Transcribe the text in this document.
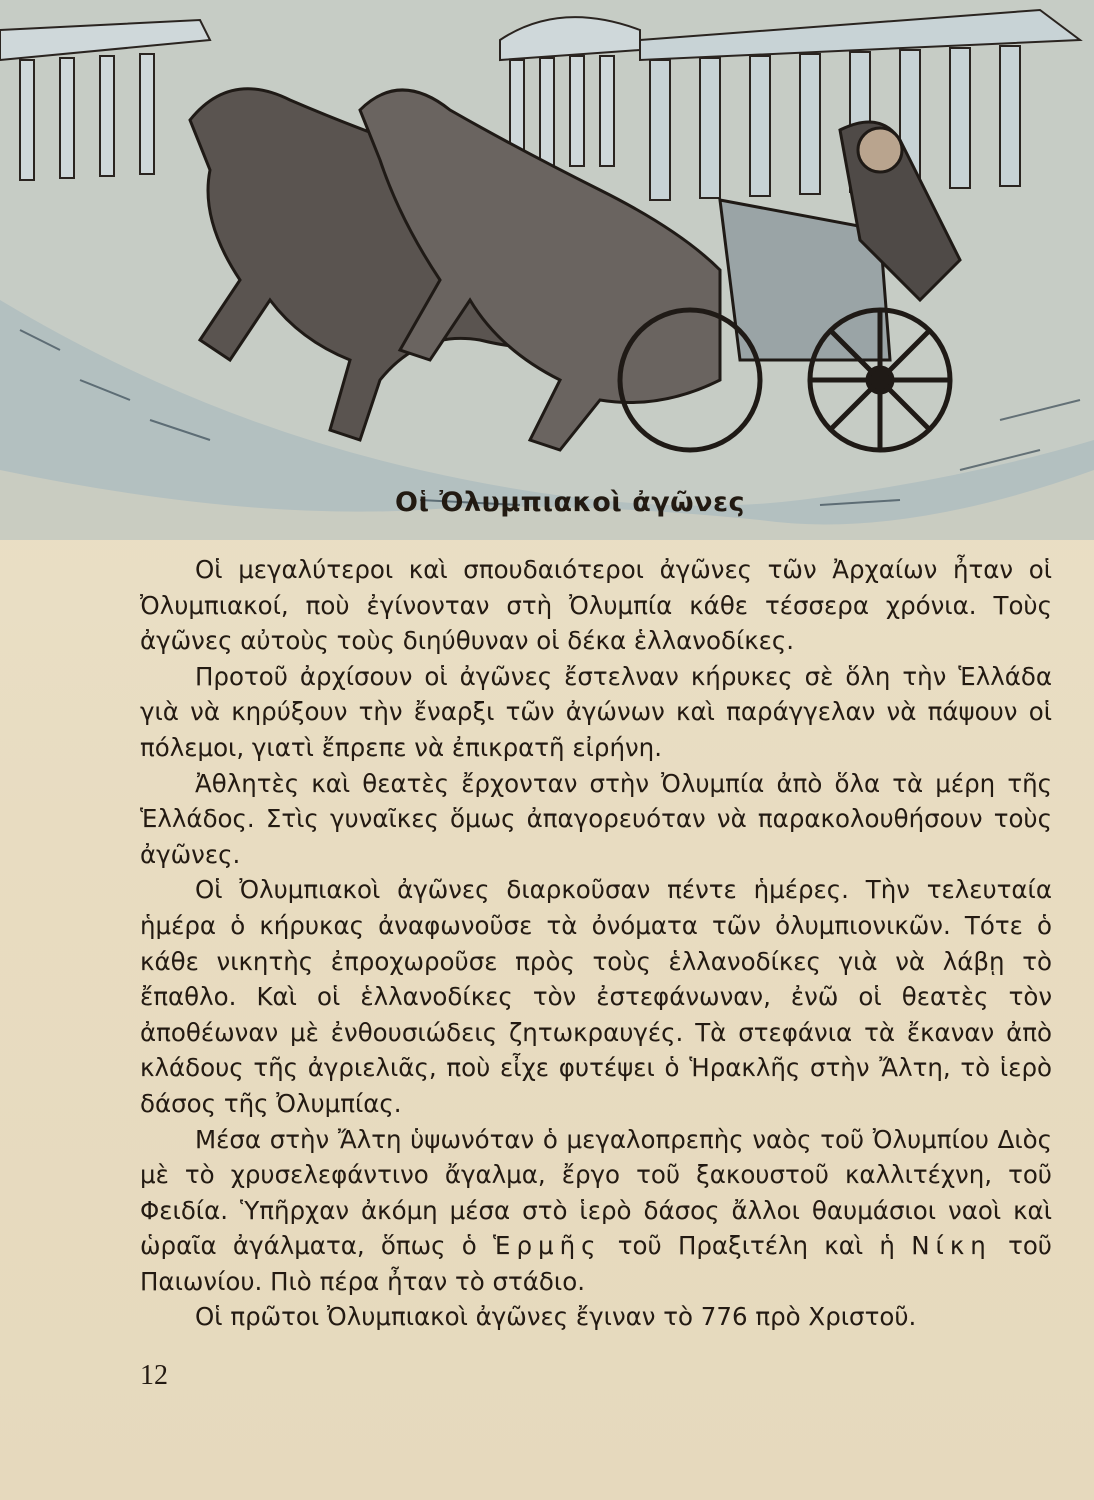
Οἱ Ὀλυμπιακοὶ ἀγῶνες

Οἱ μεγαλύτεροι καὶ σπουδαιότεροι ἀγῶνες τῶν Ἀρχαίων ἦταν οἱ Ὀλυμπιακοί, ποὺ ἐγίνονταν στὴ Ὀλυμπία κάθε τέσσερα χρόνια. Τοὺς ἀγῶνες αὐτοὺς τοὺς διηύθυναν οἱ δέκα ἑλλανοδίκες.

Προτοῦ ἀρχίσουν οἱ ἀγῶνες ἔστελναν κήρυκες σὲ ὅλη τὴν Ἑλλάδα γιὰ νὰ κηρύξουν τὴν ἔναρξι τῶν ἀγώνων καὶ παράγγελαν νὰ πάψουν οἱ πόλεμοι, γιατὶ ἔπρεπε νὰ ἐπικρατῆ εἰρήνη.

Ἀθλητὲς καὶ θεατὲς ἔρχονταν στὴν Ὀλυμπία ἀπὸ ὅλα τὰ μέρη τῆς Ἑλλάδος. Στὶς γυναῖκες ὅμως ἀπαγορευόταν νὰ παρακολουθήσουν τοὺς ἀγῶνες.

Οἱ Ὀλυμπιακοὶ ἀγῶνες διαρκοῦσαν πέντε ἡμέρες. Τὴν τελευταία ἡμέρα ὁ κήρυκας ἀναφωνοῦσε τὰ ὀνόματα τῶν ὀλυμπιονικῶν. Τότε ὁ κάθε νικητὴς ἐπροχωροῦσε πρὸς τοὺς ἑλλανοδίκες γιὰ νὰ λάβῃ τὸ ἔπαθλο. Καὶ οἱ ἑλλανοδίκες τὸν ἐστεφάνωναν, ἐνῶ οἱ θεατὲς τὸν ἀποθέωναν μὲ ἐνθουσιώδεις ζητωκραυγές. Τὰ στεφάνια τὰ ἔκαναν ἀπὸ κλάδους τῆς ἀγριελιᾶς, ποὺ εἶχε φυτέψει ὁ Ἡρακλῆς στὴν Ἄλτη, τὸ ἱερὸ δάσος τῆς Ὀλυμπίας.

Μέσα στὴν Ἄλτη ὑψωνόταν ὁ μεγαλοπρεπὴς ναὸς τοῦ Ὀλυμπίου Διὸς μὲ τὸ χρυσελεφάντινο ἄγαλμα, ἔργο τοῦ ξακουστοῦ καλλιτέχνη, τοῦ Φειδία. Ὑπῆρχαν ἀκόμη μέσα στὸ ἱερὸ δάσος ἄλλοι θαυμάσιοι ναοὶ καὶ ὡραῖα ἀγάλματα, ὅπως ὁ Ἑρμῆς τοῦ Πραξιτέλη καὶ ἡ Νίκη τοῦ Παιωνίου. Πιὸ πέρα ἦταν τὸ στάδιο.

Οἱ πρῶτοι Ὀλυμπιακοὶ ἀγῶνες ἔγιναν τὸ 776 πρὸ Χριστοῦ.

12
